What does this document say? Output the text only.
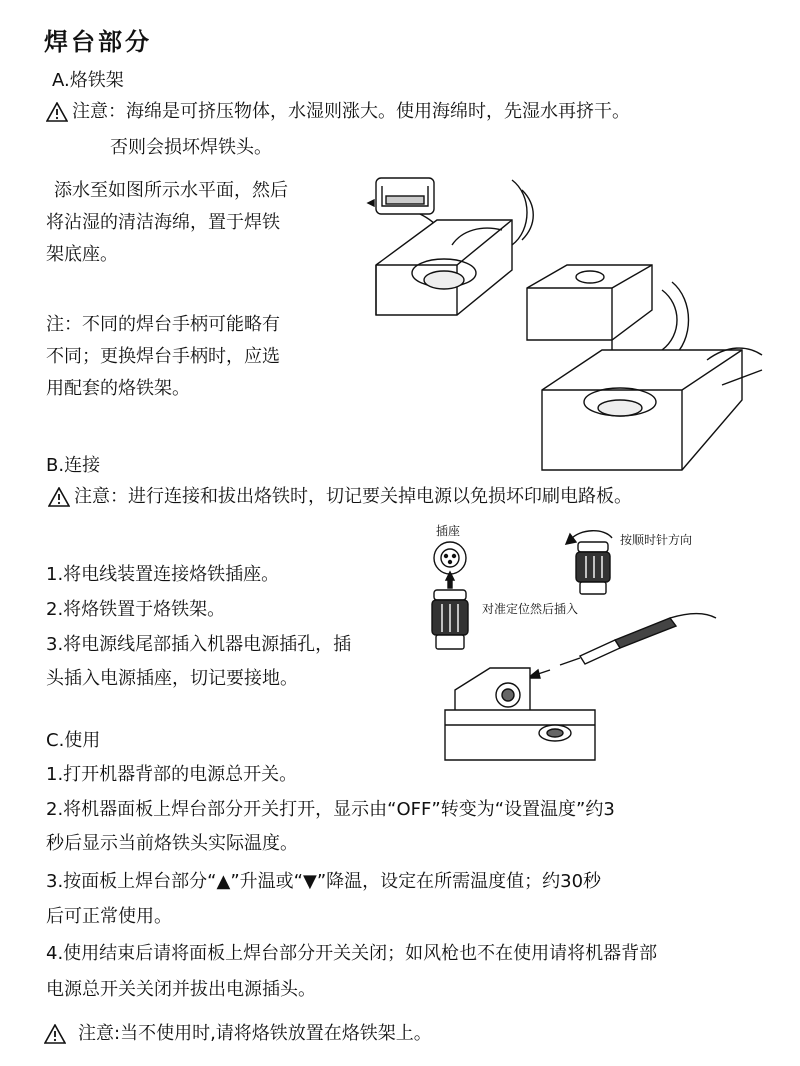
焊台部分
A.烙铁架
注意：海绵是可挤压物体，水湿则涨大。使用海绵时，先湿水再挤干。
否则会损坏焊铁头。
添水至如图所示水平面，然后
将沾湿的清洁海绵，置于焊铁
架底座。
注：不同的焊台手柄可能略有
不同；更换焊台手柄时，应选
用配套的烙铁架。
B.连接
注意：进行连接和拔出烙铁时，切记要关掉电源以免损坏印刷电路板。
1.将电线装置连接烙铁插座。
2.将烙铁置于烙铁架。
3.将电源线尾部插入机器电源插孔，插
头插入电源插座，切记要接地。
插座
按顺时针方向
对准定位然后插入
C.使用
1.打开机器背部的电源总开关。
2.将机器面板上焊台部分开关打开，显示由“OFF”转变为“设置温度”约3
秒后显示当前烙铁头实际温度。
3.按面板上焊台部分“▲”升温或“▼”降温，设定在所需温度值；约30秒
后可正常使用。
4.使用结束后请将面板上焊台部分开关关闭；如风枪也不在使用请将机器背部
电源总开关关闭并拔出电源插头。
注意:当不使用时,请将烙铁放置在烙铁架上。
